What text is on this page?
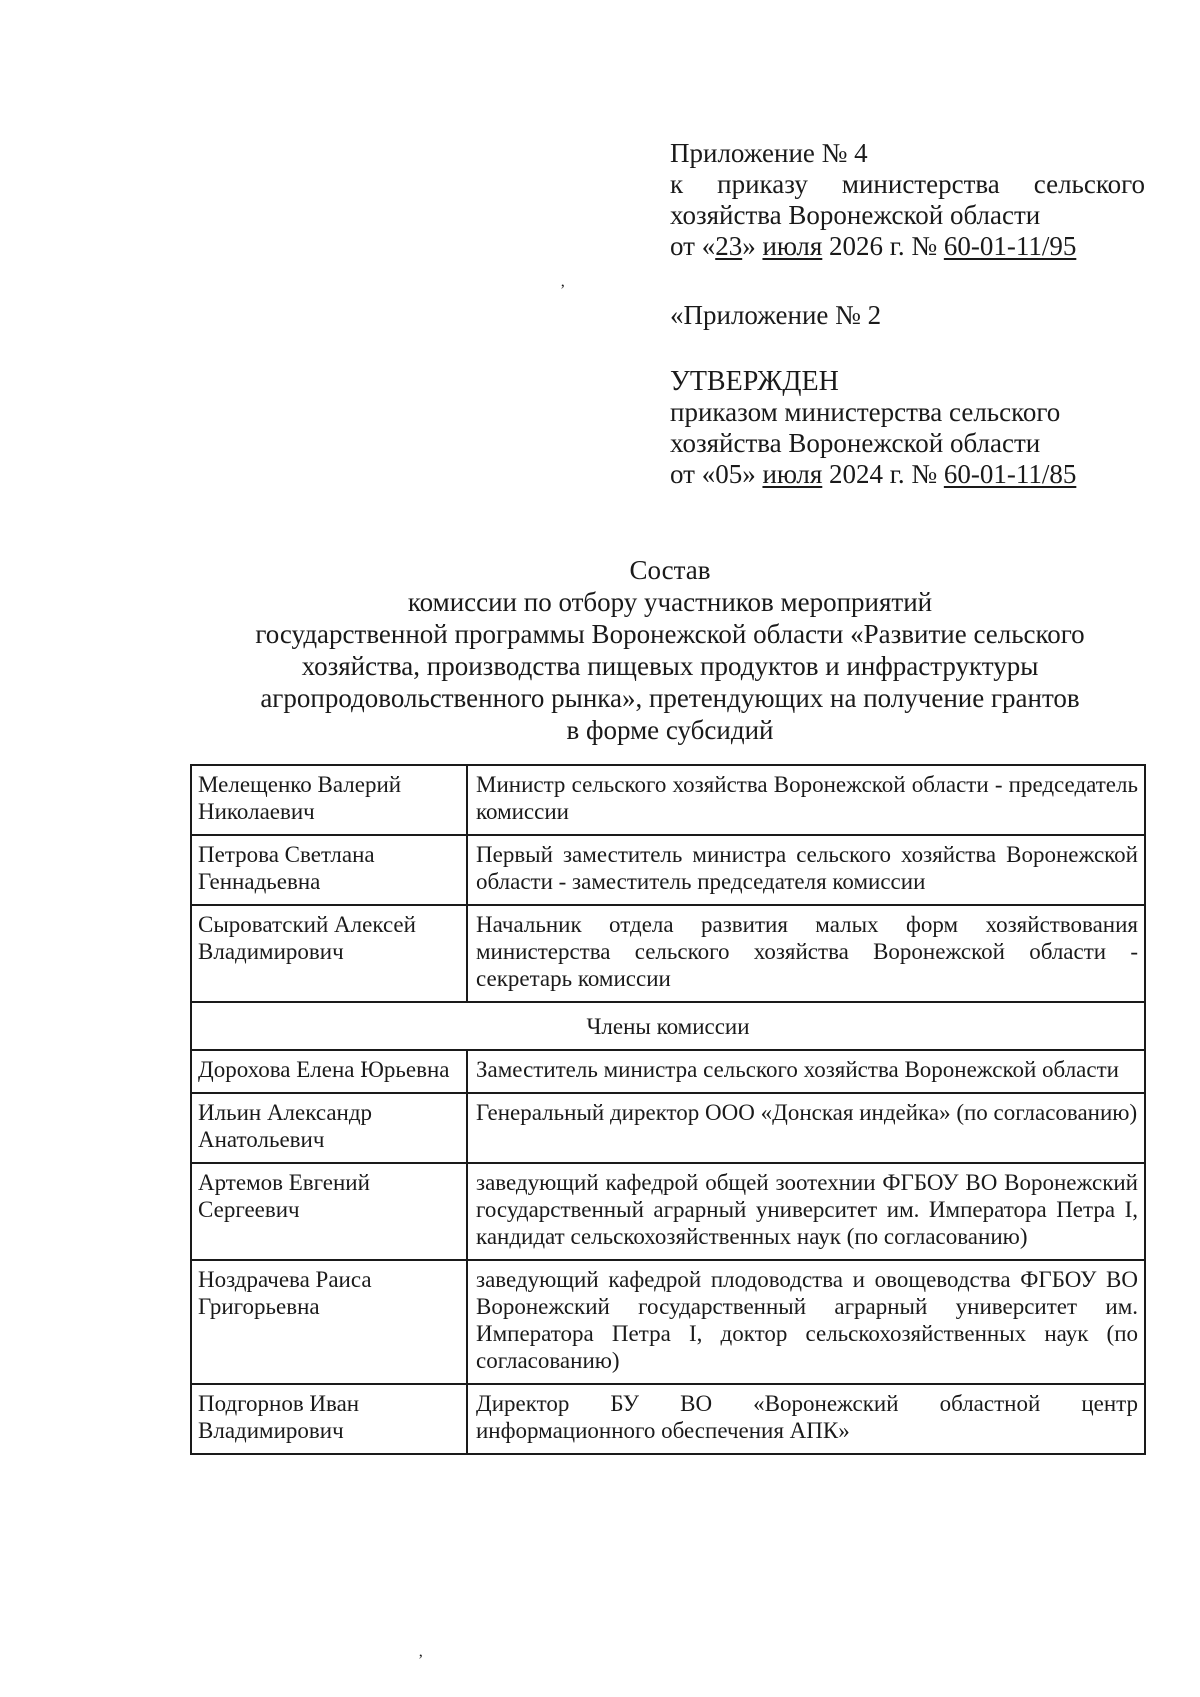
Приложение № 4
к приказу министерства сельского
хозяйства Воронежской области
от «23» июля 2026 г. № 60-01-11/95
ʼ
«Приложение № 2
УТВЕРЖДЕН
приказом министерства сельского
хозяйства Воронежской области
от «05» июля 2024 г. № 60-01-11/85
Состав
комиссии по отбору участников мероприятий
государственной программы Воронежской области «Развитие сельского
хозяйства, производства пищевых продуктов и инфраструктуры
агропродовольственного рынка», претендующих на получение грантов
в форме субсидий
Мелещенко Валерий Николаевич	Министр сельского хозяйства Воронежской области - председатель комиссии
Петрова Светлана Геннадьевна	Первый заместитель министра сельского хозяйства Воронежской области - заместитель председателя комиссии
Сыроватский Алексей Владимирович	Начальник отдела развития малых форм хозяйствования министерства сельского хозяйства Воронежской области - секретарь комиссии
Члены комиссии	
Дорохова Елена Юрьевна	Заместитель министра сельского хозяйства Воронежской области
Ильин Александр Анатольевич	Генеральный директор ООО «Донская индейка» (по согласованию)
Артемов Евгений Сергеевич	заведующий кафедрой общей зоотехнии ФГБОУ ВО Воронежский государственный аграрный университет им. Императора Петра I, кандидат сельскохозяйственных наук (по согласованию)
Ноздрачева Раиса Григорьевна	заведующий кафедрой плодоводства и овощеводства ФГБОУ ВО Воронежский государственный аграрный университет им. Императора Петра I, доктор сельскохозяйственных наук (по согласованию)
Подгорнов Иван Владимирович	Директор БУ ВО «Воронежский областной центр информационного обеспечения АПК»
ʼ
